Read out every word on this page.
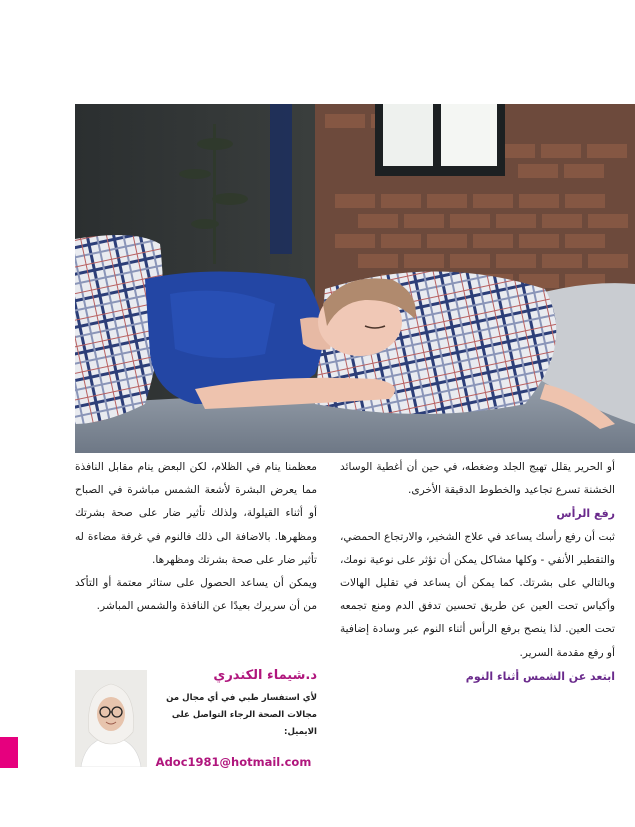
أو الحرير يقلل تهيج الجلد وضغطه، في حين أن أغطية الوسائد الخشنة تسرع تجاعيد والخطوط الدقيقة الأخرى.

رفع الرأس

ثبت أن رفع رأسك يساعد في علاج الشخير، والارتجاع الحمضي، والتقطير الأنفي - وكلها مشاكل يمكن أن تؤثر على نوعية نومك، وبالتالي على بشرتك. كما يمكن أن يساعد في تقليل الهالات وأكياس تحت العين عن طريق تحسين تدفق الدم ومنع تجمعه تحت العين. لذا ينصح برفع الرأس أثناء النوم عبر وسادة إضافية أو رفع مقدمة السرير.

ابتعد عن الشمس أثناء النوم

معظمنا ينام في الظلام، لكن البعض ينام مقابل النافذة مما يعرض البشرة لأشعة الشمس مباشرة في الصباح أو أثناء القيلولة، ولذلك تأثير ضار على صحة بشرتك ومظهرها. بالاضافة الى ذلك فالنوم في غرفة مضاءة له تأثير ضار على صحة بشرتك ومظهرها.

ويمكن أن يساعد الحصول على ستائر معتمة أو التأكد من أن سريرك بعيدًا عن النافذة والشمس المباشر.

د.شيماء الكندري
لأي استفسار طبي في أي مجال من مجالات الصحة الرجاء التواصل على الايميل:
Adoc1981@hotmail.com
